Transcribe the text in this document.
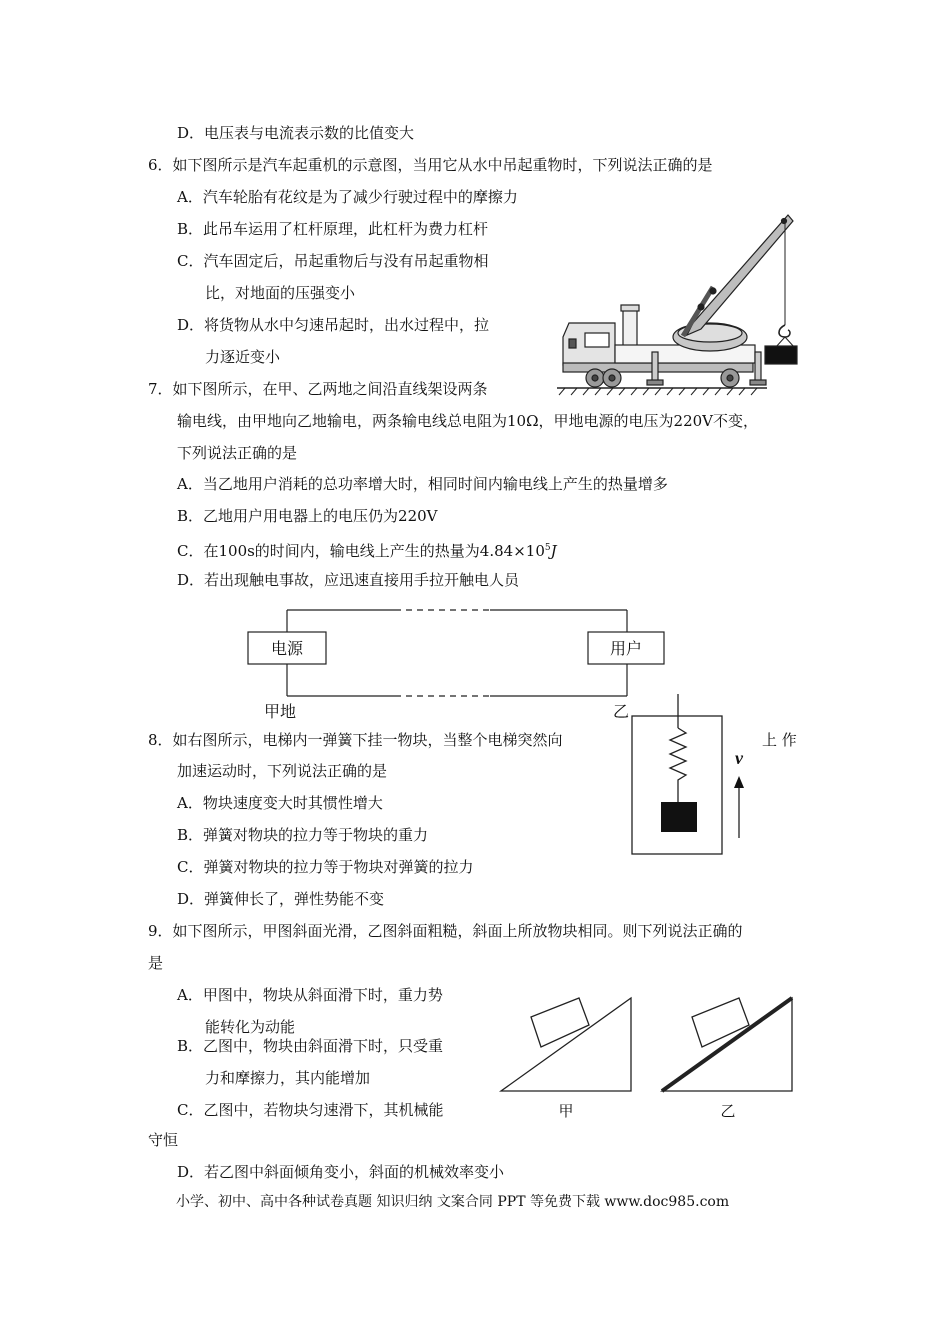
D．电压表与电流表示数的比值变大
6．如下图所示是汽车起重机的示意图，当用它从水中吊起重物时，下列说法正确的是
A．汽车轮胎有花纹是为了减少行驶过程中的摩擦力
B．此吊车运用了杠杆原理，此杠杆为费力杠杆
C．汽车固定后，吊起重物后与没有吊起重物相
比，对地面的压强变小
D．将货物从水中匀速吊起时，出水过程中，拉
力逐近变小
7．如下图所示，在甲、乙两地之间沿直线架设两条
输电线，由甲地向乙地输电，两条输电线总电阻为10Ω，甲地电源的电压为220V不变，
下列说法正确的是
A．当乙地用户消耗的总功率增大时，相同时间内输电线上产生的热量增多
B．乙地用户用电器上的电压仍为220V
C．在100s的时间内，输电线上产生的热量为$4.84\times 10^5J$
D．若出现触电事故，应迅速直接用手拉开触电人员
电源	用户
甲地	乙
8．如右图所示，电梯内一弹簧下挂一物块，当整个电梯突然向	上 作
加速运动时，下列说法正确的是
A．物块速度变大时其惯性增大
B．弹簧对物块的拉力等于物块的重力
C．弹簧对物块的拉力等于物块对弹簧的拉力
D．弹簧伸长了，弹性势能不变
v
9．如下图所示，甲图斜面光滑，乙图斜面粗糙，斜面上所放物块相同。则下列说法正确的
是
A．甲图中，物块从斜面滑下时，重力势
能转化为动能
B．乙图中，物块由斜面滑下时，只受重
力和摩擦力，其内能增加
C．乙图中，若物块匀速滑下，其机械能
守恒
D．若乙图中斜面倾角变小，斜面的机械效率变小
甲	乙
小学、初中、高中各种试卷真题 知识归纳 文案合同 PPT 等免费下载 www.doc985.com
